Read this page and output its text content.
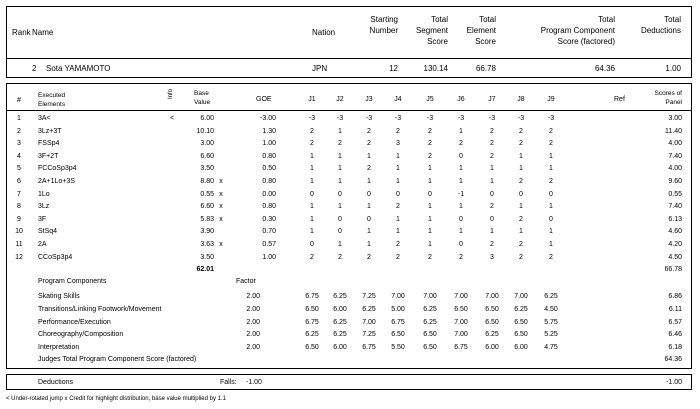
Rank Name	Nation
Starting
Number
Total
Segment
Score
Total
Element
Score
Total
Program Component
Score (factored)
Total
Deductions
2 Sota YAMAMOTO	JPN	12	130.14	66.78	64.36	1.00
#
Executed
Elements
Info	Base
Value	GOE	J1	J2	J3	J4	J5	J6	J7	J8	J9	Ref
Scores of
Panel
1	3A<	<	6.00	-3.00	-3	-3	-3	-3	-3	-3	-3	-3	-3	3.00
2	3Lz+3T	10.10	1.30	2	1	2	2	2	1	2	2	2	11.40
3	FSSp4	3.00	1.00	2	2	2	3	2	2	2	2	2	4.00
4	3F+2T	6.60	0.80	1	1	1	1	2	0	2	1	1	7.40
5	FCCoSp3p4	3.50	0.50	1	1	2	1	1	1	1	1	1	4.00
6	2A+1Lo+3S	8.80 x	0.80	1	1	1	1	1	1	1	2	2	9.60
7	1Lo	0.55 x	0.00	0	0	0	0	0	-1	0	0	0	0.55
8	3Lz	6.60 x	0.80	1	1	1	2	1	1	2	1	1	7.40
9	3F	5.83 x	0.30	1	0	0	1	1	0	0	2	0	6.13
10	StSq4	3.90	0.70	1	0	1	1	1	1	1	1	1	4.60
11	2A	3.63 x	0.57	0	1	1	2	1	0	2	2	1	4.20
12	CCoSp3p4	3.50	1.00	2	2	2	2	2	2	3	2	2	4.50
62.01	66.78
Program Components	Factor
Skating Skills	2.00	6.75	6.25	7.25	7.00	7.00	7.00	7.00	7.00	6.25	6.86
Transitions/Linking Footwork/Movement	2.00	6.50	6.00	6.25	5.00	6.25	6.50	6.50	6.25	4.50	6.11
Performance/Execution	2.00	6.75	6.25	7.00	6.75	6.25	7.00	6.50	6.50	5.75	6.57
Choreography/Composition	2.00	6.25	6.25	7.25	6.50	6.50	7.00	6.25	6.50	5.25	6.46
Interpretation	2.00	6.50	6.00	6.75	5.50	6.50	6.75	6.00	6.00	4.75	6.18
Judges Total Program Component Score (factored)	64.36
Deductions	Falls: -1.00	-1.00
< Under-rotated jump x Credit for highlight distribution, base value multiplied by 1.1
